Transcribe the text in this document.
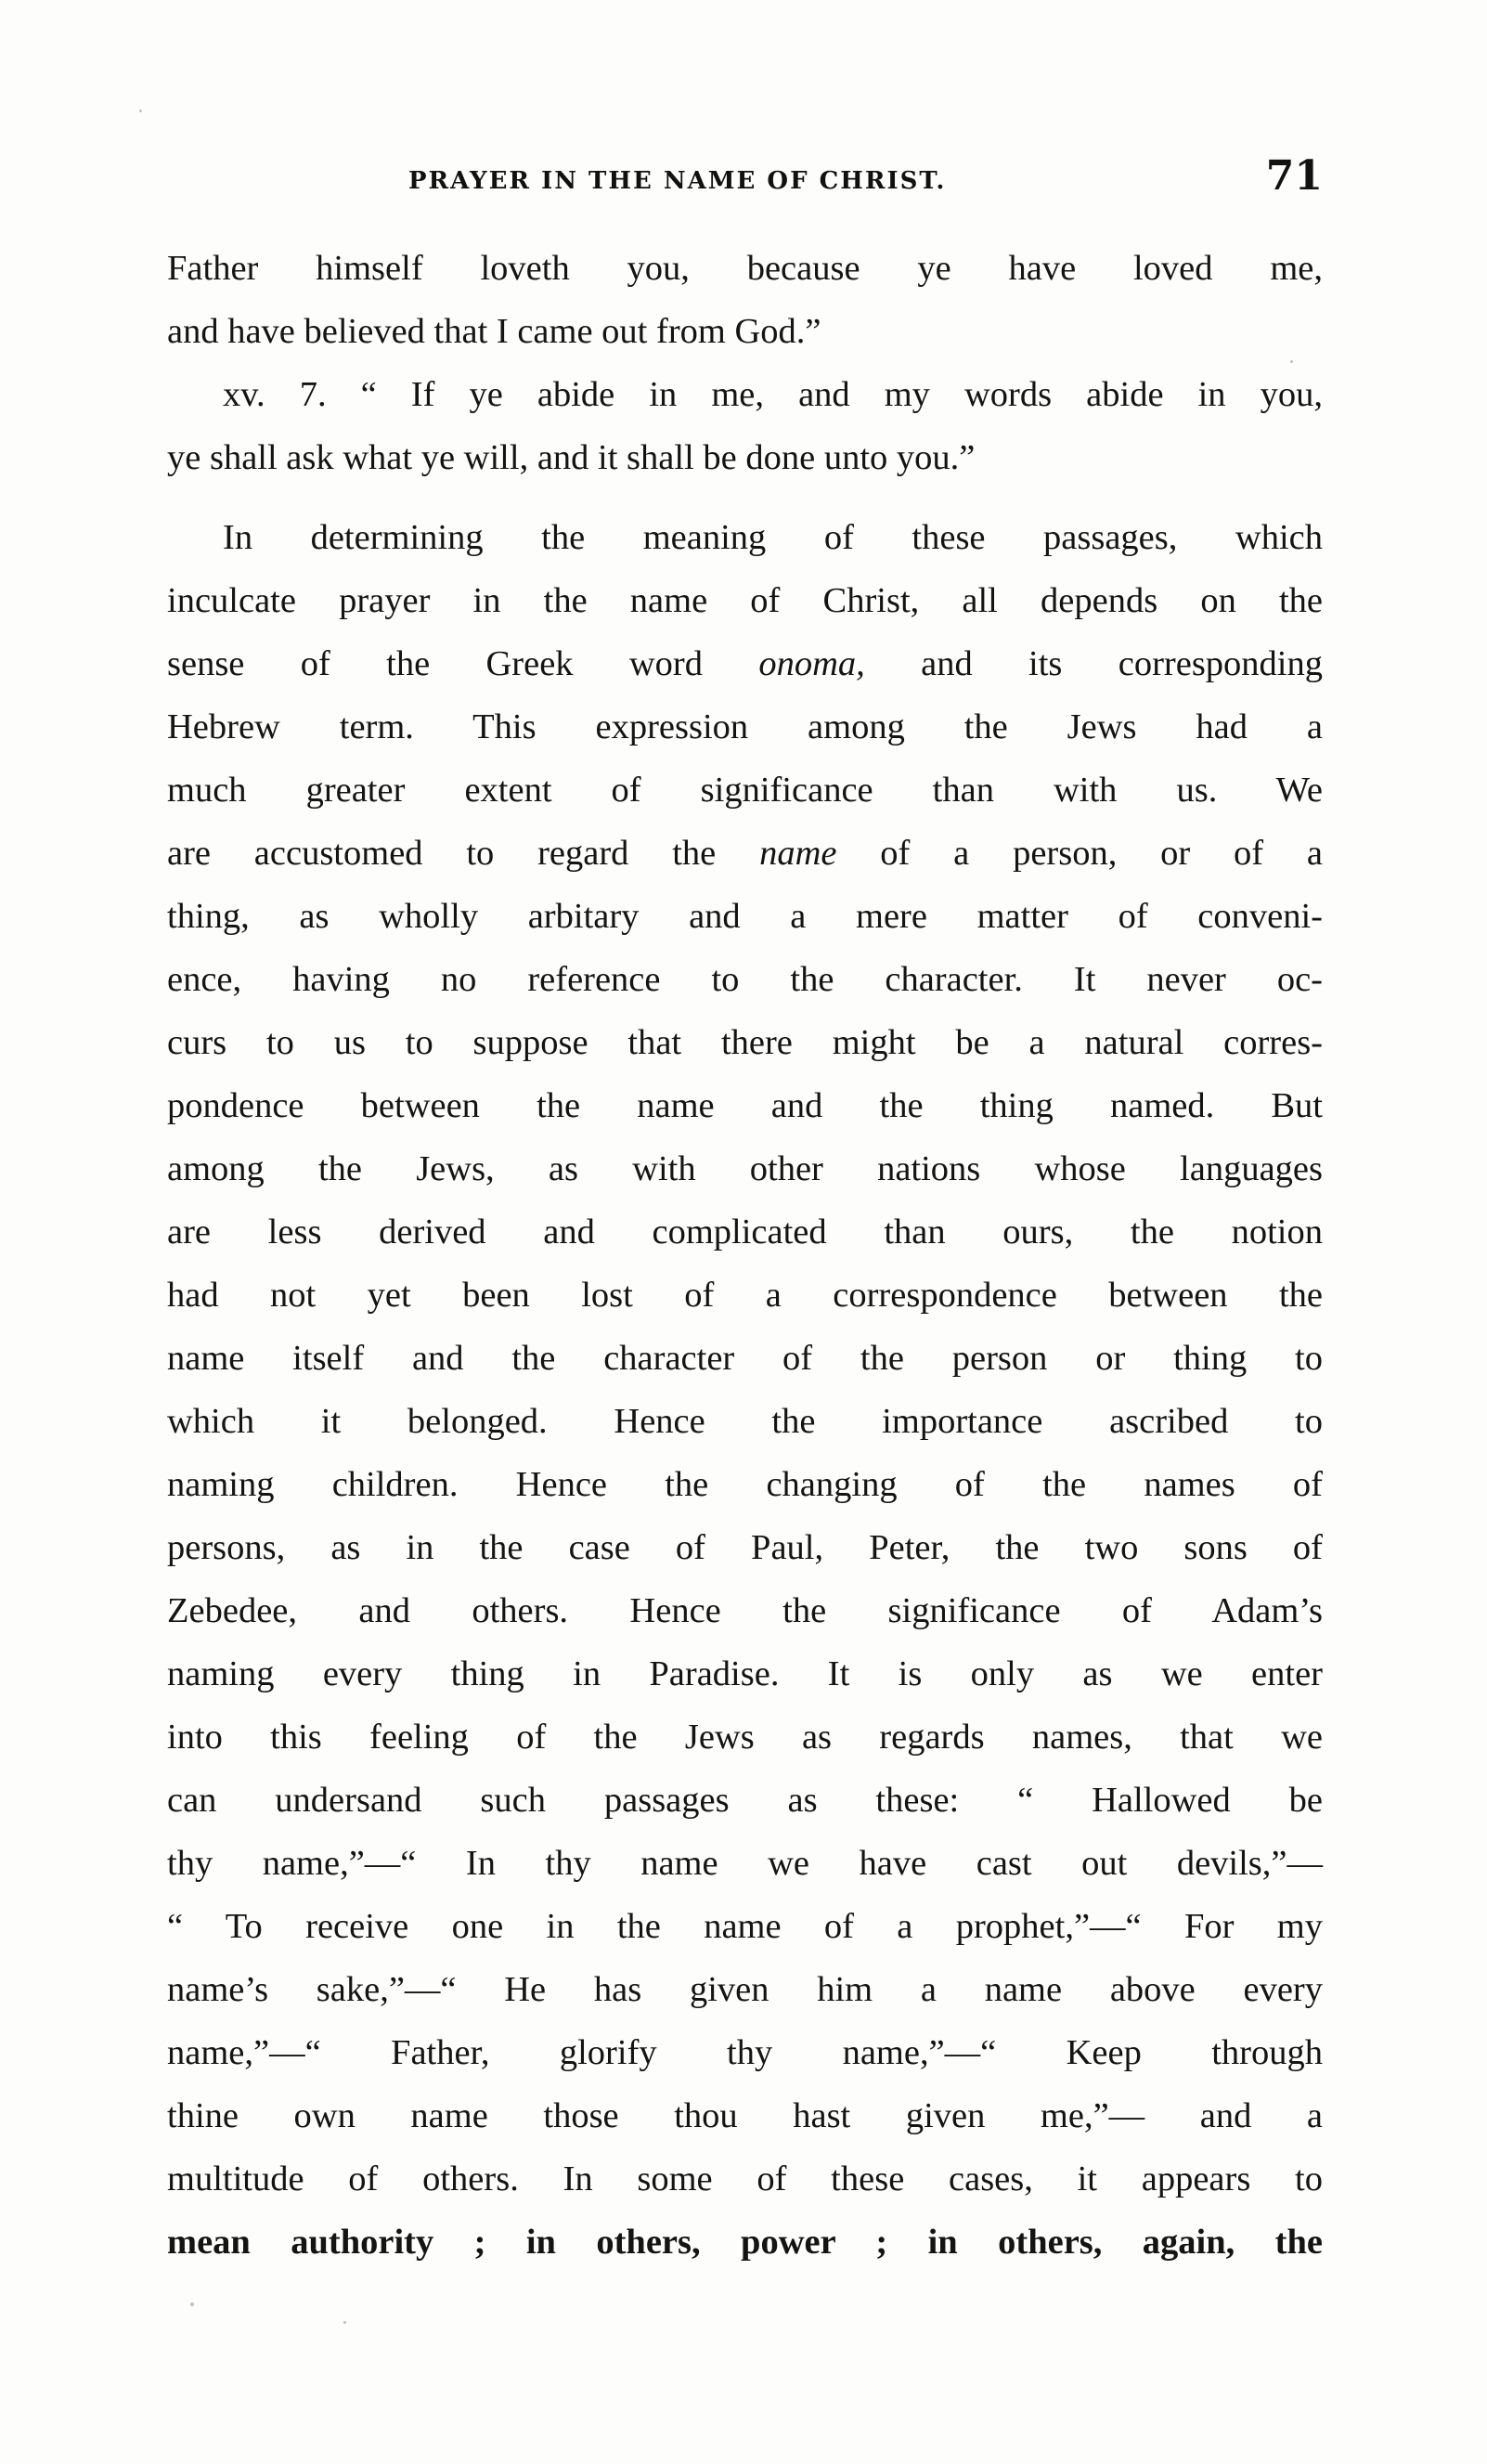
PRAYER IN THE NAME OF CHRIST.	71
Father himself loveth you, because ye have loved me,
and have believed that I came out from God.”
xv. 7. “ If ye abide in me, and my words abide in you,
ye shall ask what ye will, and it shall be done unto you.”
In determining the meaning of these passages, which
inculcate prayer in the name of Christ, all depends on the
sense of the Greek word onoma, and its corresponding
Hebrew term. This expression among the Jews had a
much greater extent of significance than with us. We
are accustomed to regard the name of a person, or of a
thing, as wholly arbitary and a mere matter of conveni-
ence, having no reference to the character. It never oc-
curs to us to suppose that there might be a natural corres-
pondence between the name and the thing named. But
among the Jews, as with other nations whose languages
are less derived and complicated than ours, the notion
had not yet been lost of a correspondence between the
name itself and the character of the person or thing to
which it belonged. Hence the importance ascribed to
naming children. Hence the changing of the names of
persons, as in the case of Paul, Peter, the two sons of
Zebedee, and others. Hence the significance of Adam’s
naming every thing in Paradise. It is only as we enter
into this feeling of the Jews as regards names, that we
can undersand such passages as these: “ Hallowed be
thy name,”—“ In thy name we have cast out devils,”—
“ To receive one in the name of a prophet,”—“ For my
name’s sake,”—“ He has given him a name above every
name,”—“ Father, glorify thy name,”—“ Keep through
thine own name those thou hast given me,”— and a
multitude of others. In some of these cases, it appears to
mean authority ; in others, power ; in others, again, the
